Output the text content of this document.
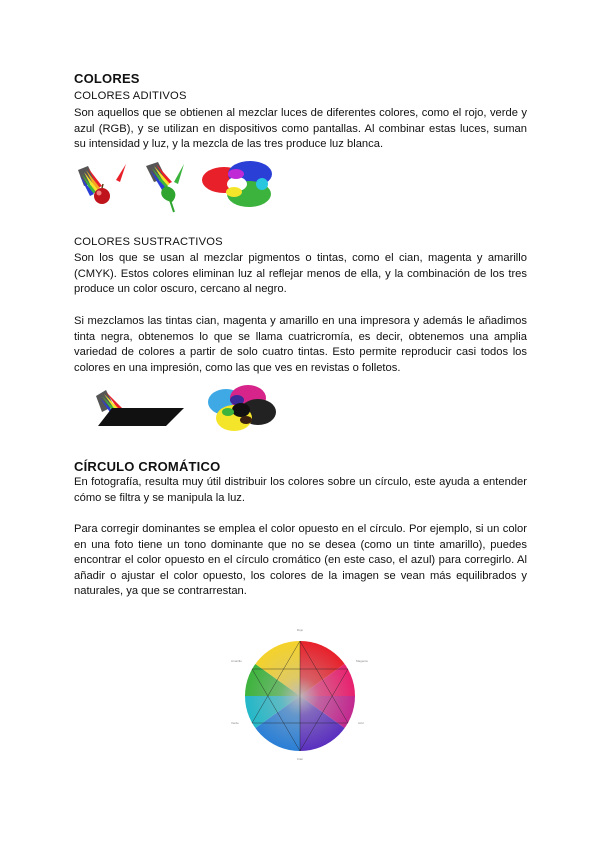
COLORES
COLORES ADITIVOS
Son aquellos que se obtienen al mezclar luces de diferentes colores, como el rojo, verde y azul (RGB), y se utilizan en dispositivos como pantallas. Al combinar estas luces, suman su intensidad y luz, y la mezcla de las tres produce luz blanca.
COLORES SUSTRACTIVOS
Son los que se usan al mezclar pigmentos o tintas, como el cian, magenta y amarillo (CMYK). Estos colores eliminan luz al reflejar menos de ella, y la combinación de los tres produce un color oscuro, cercano al negro.
Si mezclamos las tintas cian, magenta y amarillo en una impresora y además le añadimos tinta negra, obtenemos lo que se llama cuatricromía, es decir, obtenemos una amplia variedad de colores a partir de solo cuatro tintas. Esto permite reproducir casi todos los colores en una impresión, como las que ves en revistas o folletos.
CÍRCULO CROMÁTICO
En fotografía, resulta muy útil distribuir los colores sobre un círculo, este ayuda a entender cómo se filtra y se manipula la luz.
Para corregir dominantes se emplea el color opuesto en el círculo. Por ejemplo, si un color en una foto tiene un tono dominante que no se desea (como un tinte amarillo), puedes encontrar el color opuesto en el círculo cromático (en este caso, el azul) para corregirlo. Al añadir o ajustar el color opuesto, los colores de la imagen se vean más equilibrados y naturales, ya que se contrarrestan.
Rojo
Magenta
Azul
Cian
Verde
Amarillo
